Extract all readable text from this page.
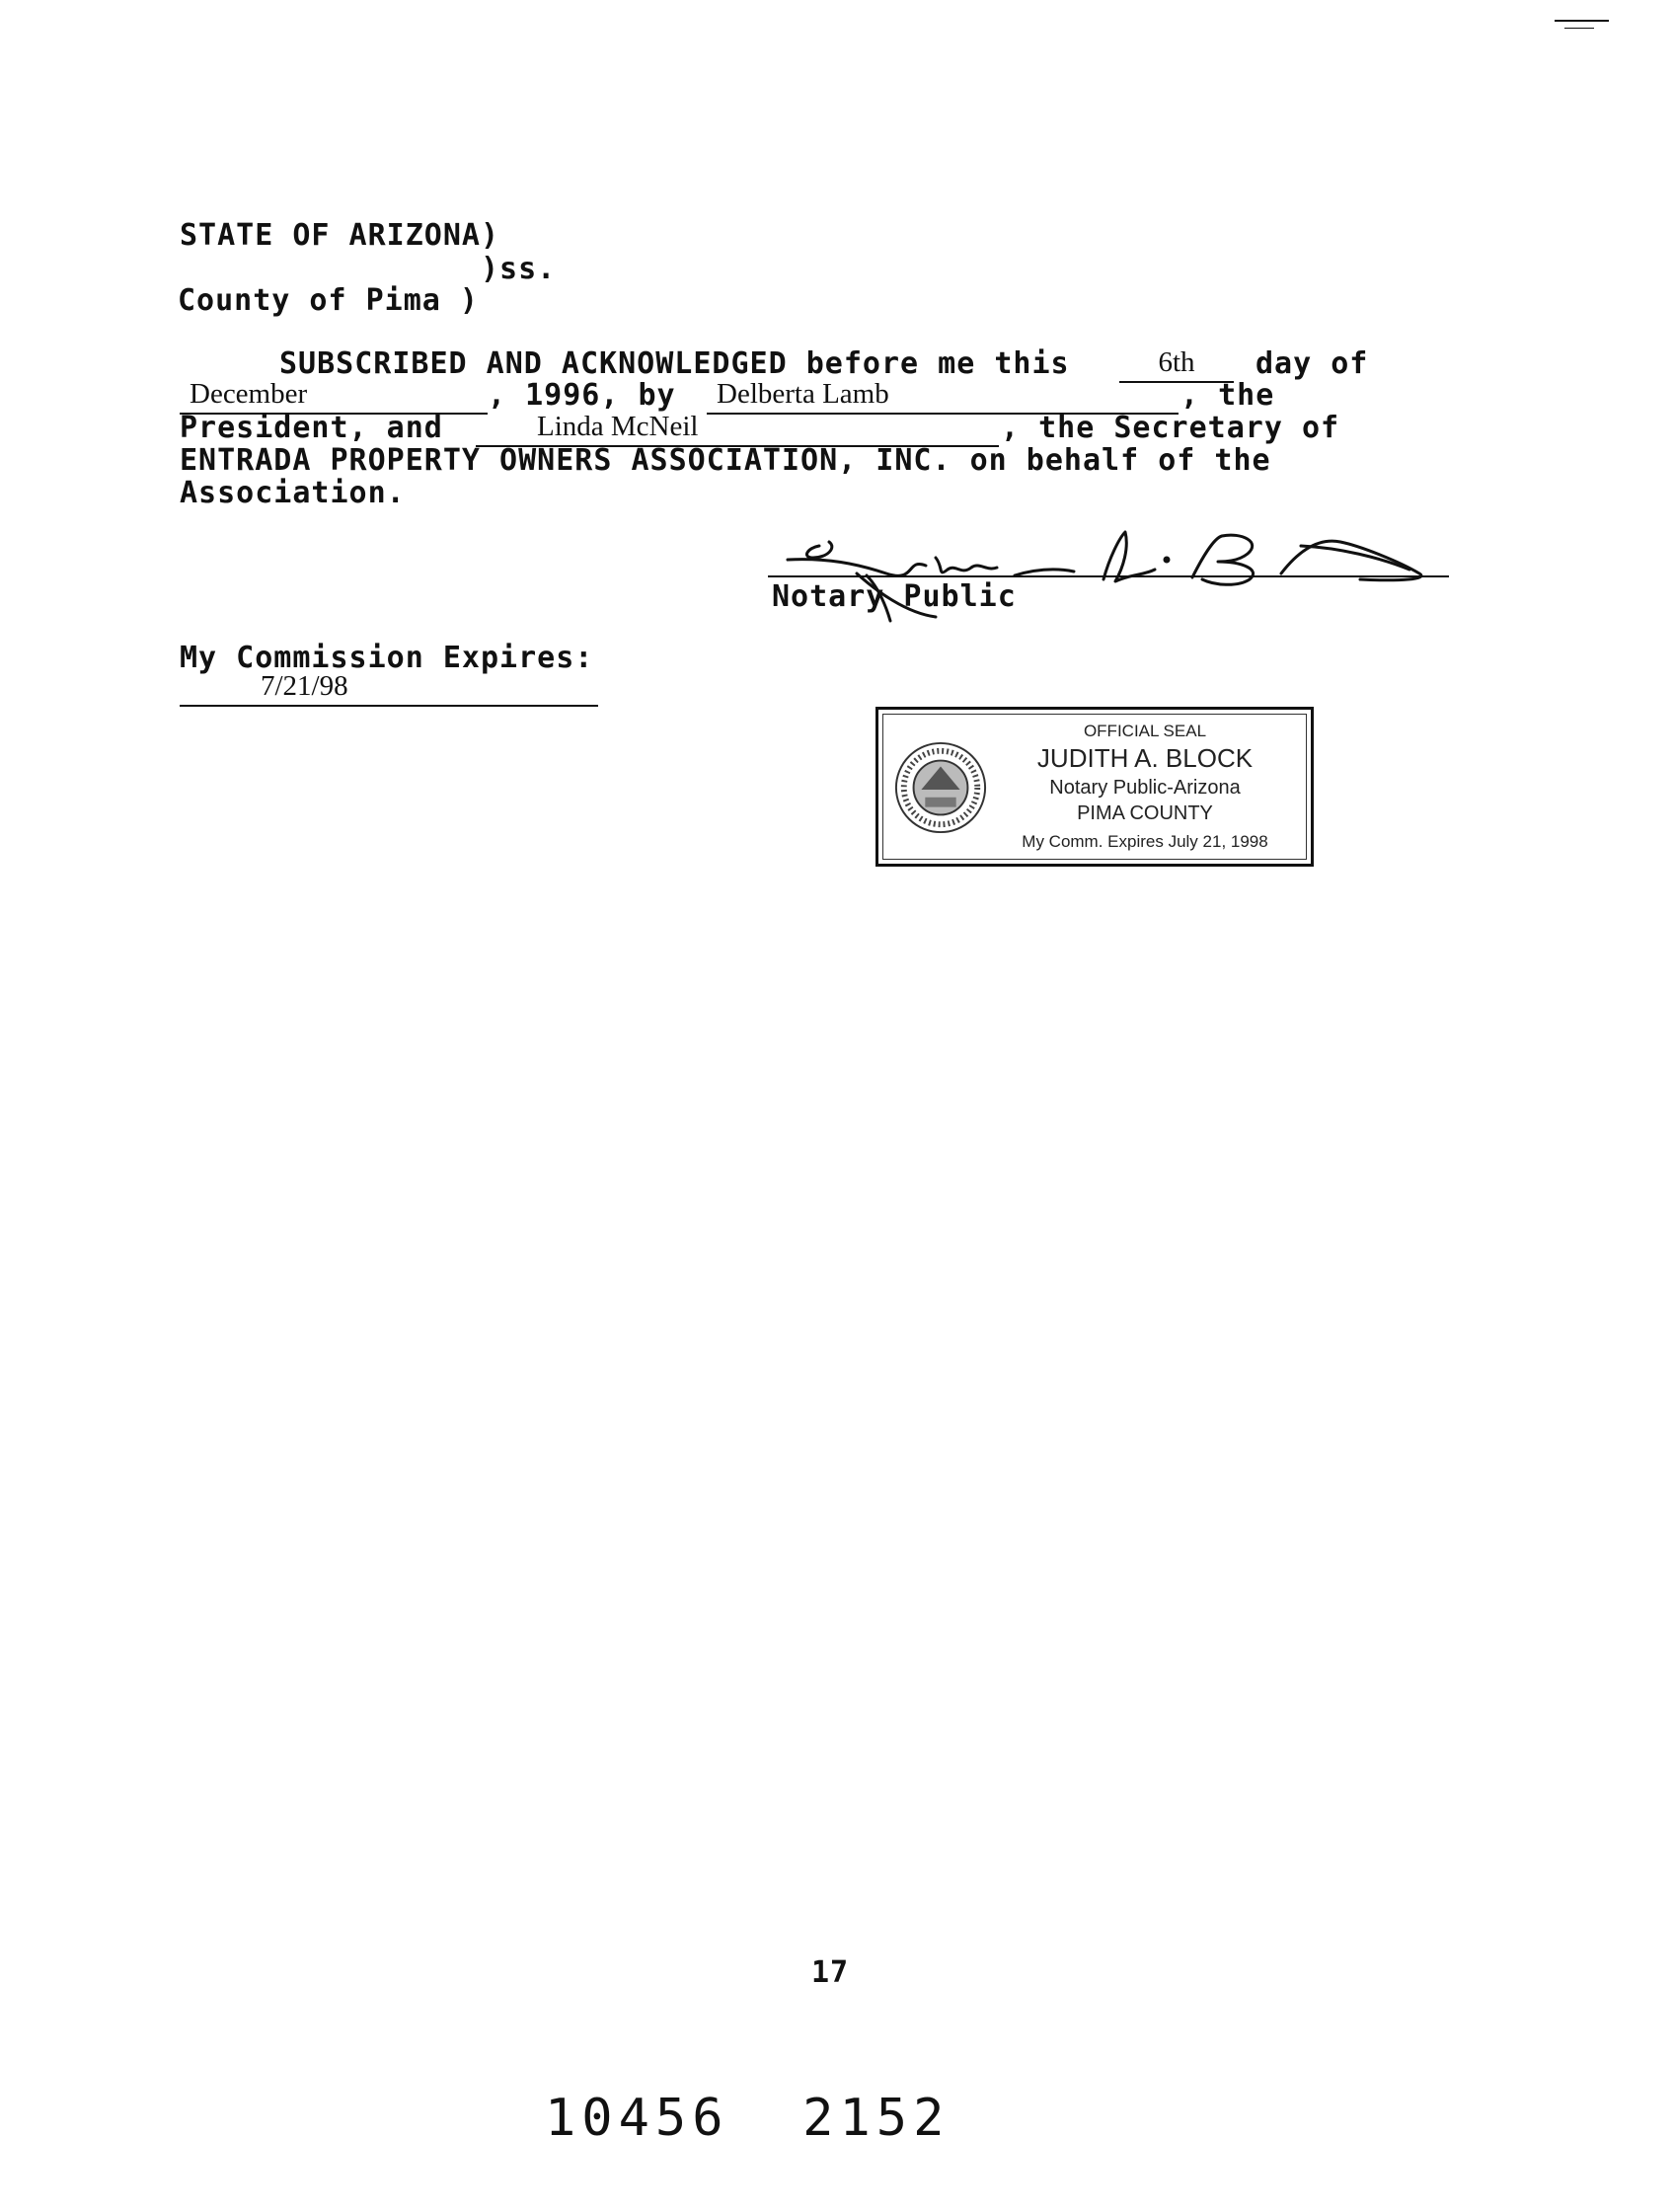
STATE OF ARIZONA)
)ss.
County of Pima )
SUBSCRIBED AND ACKNOWLEDGED before me this	6th	day of
December	, 1996, by	Delberta Lamb	, the
President, and	Linda McNeil	, the Secretary of
ENTRADA PROPERTY OWNERS ASSOCIATION, INC. on behalf of the
Association.
Notary Public
My Commission Expires:
7/21/98
OFFICIAL SEAL
JUDITH A. BLOCK
Notary Public-Arizona
PIMA COUNTY
My Comm. Expires July 21, 1998
17
10456  2152
